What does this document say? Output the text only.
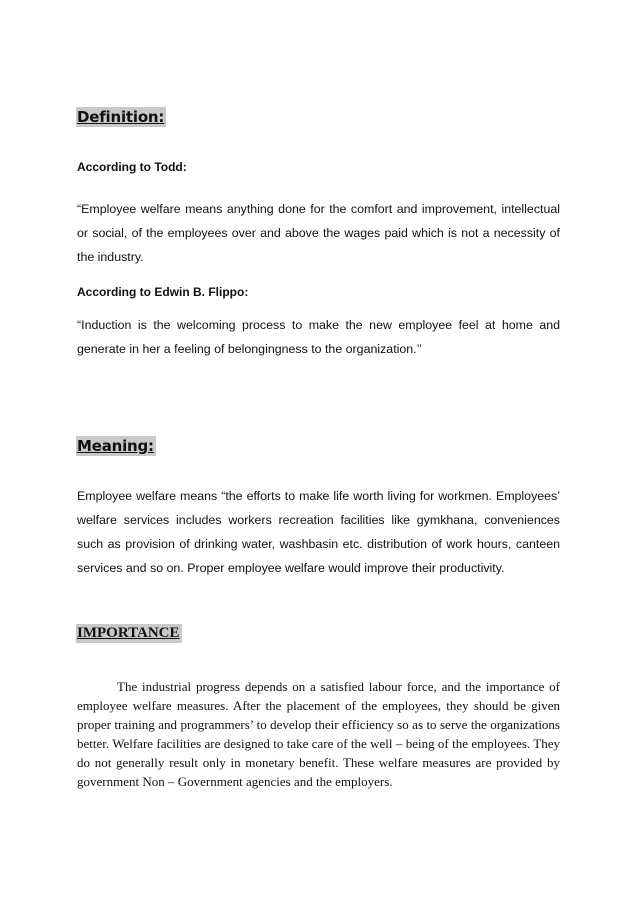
Definition:
According to Todd:

“Employee welfare means anything done for the comfort and improvement, intellectual or social, of the employees over and above the wages paid which is not a necessity of the industry.

According to Edwin B. Flippo:

“Induction is the welcoming process to make the new employee feel at home and generate in her a feeling of belongingness to the organization.’’

Meaning:

Employee welfare means “the efforts to make life worth living for workmen. Employees’ welfare services includes workers recreation facilities like gymkhana, conveniences such as provision of drinking water, washbasin etc. distribution of work hours, canteen services and so on. Proper employee welfare would improve their productivity.

IMPORTANCE

The industrial progress depends on a satisfied labour force, and the importance of employee welfare measures. After the placement of the employees, they should be given proper training and programmers’ to develop their efficiency so as to serve the organizations better. Welfare facilities are designed to take care of the well – being of the employees. They do not generally result only in monetary benefit. These welfare measures are provided by government Non – Government agencies and the employers.
